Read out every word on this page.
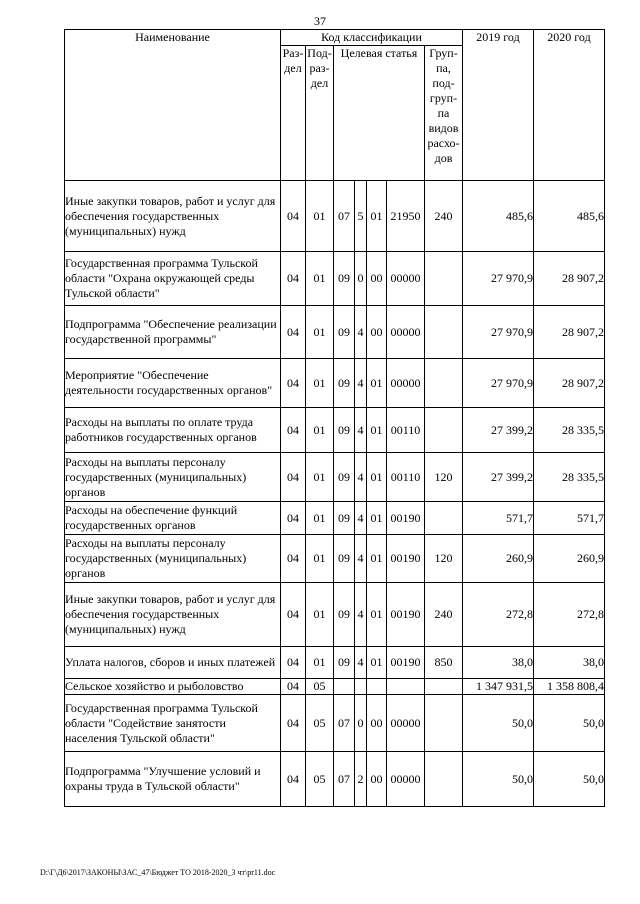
37
Наименование	Код классификации							2019 год	2020 год
	Раз-дел	Под-раз-дел	Целевая статья				Груп-па, под-груп-па видов расхо-дов		
Иные закупки товаров, работ и услуг для обеспечения государственных (муниципальных) нужд	04	01	07	5	01	21950	240	485,6	485,6
Государственная программа Тульской области "Охрана окружающей среды Тульской области"	04	01	09	0	00	00000		27 970,9	28 907,2
Подпрограмма "Обеспечение реализации государственной программы"	04	01	09	4	00	00000		27 970,9	28 907,2
Мероприятие "Обеспечение деятельности государственных органов"	04	01	09	4	01	00000		27 970,9	28 907,2
Расходы на выплаты по оплате труда работников государственных органов	04	01	09	4	01	00110		27 399,2	28 335,5
Расходы на выплаты персоналу государственных (муниципальных) органов	04	01	09	4	01	00110	120	27 399,2	28 335,5
Расходы на обеспечение функций государственных органов	04	01	09	4	01	00190		571,7	571,7
Расходы на выплаты персоналу государственных (муниципальных) органов	04	01	09	4	01	00190	120	260,9	260,9
Иные закупки товаров, работ и услуг для обеспечения государственных (муниципальных) нужд	04	01	09	4	01	00190	240	272,8	272,8
Уплата налогов, сборов и иных платежей	04	01	09	4	01	00190	850	38,0	38,0
Сельское хозяйство и рыболовство	04	05						1 347 931,5	1 358 808,4
Государственная программа Тульской области "Содействие занятости населения Тульской области"	04	05	07	0	00	00000		50,0	50,0
Подпрограмма "Улучшение условий и охраны труда в Тульской области"	04	05	07	2	00	00000		50,0	50,0
D:\Г\Д6\2017\ЗАКОНЫ\ЗАС_47\Бюджет ТО 2018-2020_3 чт\pr11.doc
